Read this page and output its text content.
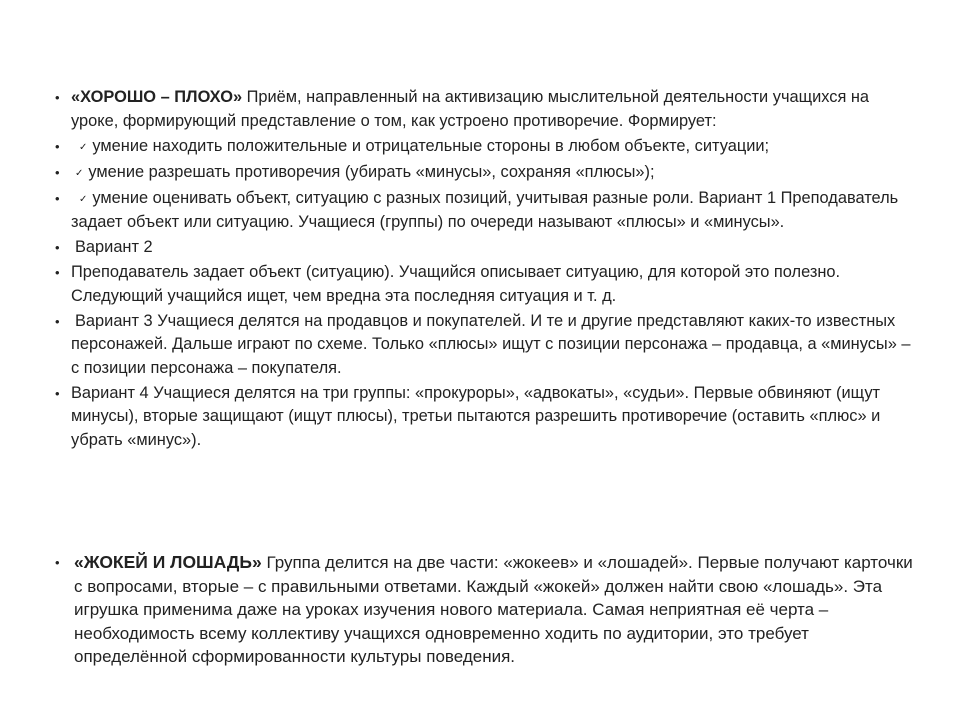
• «ХОРОШО – ПЛОХО» Приём, направленный на активизацию мыслительной деятельности учащихся на уроке, формирующий представление о том, как устроено противоречие. Формирует:
• ✓ умение находить положительные и отрицательные стороны в любом объекте, ситуации;
• ✓ умение разрешать противоречия (убирать «минусы», сохраняя «плюсы»);
• ✓ умение оценивать объект, ситуацию с разных позиций, учитывая разные роли. Вариант 1 Преподаватель задает объект или ситуацию. Учащиеся (группы) по очереди называют «плюсы» и «минусы».
• Вариант 2
• Преподаватель задает объект (ситуацию). Учащийся описывает ситуацию, для которой это полезно. Следующий учащийся ищет, чем вредна эта последняя ситуация и т. д.
• Вариант 3 Учащиеся делятся на продавцов и покупателей. И те и другие представляют каких-то известных персонажей. Дальше играют по схеме. Только «плюсы» ищут с позиции персонажа – продавца, а «минусы» – с позиции персонажа – покупателя.
• Вариант 4 Учащиеся делятся на три группы: «прокуроры», «адвокаты», «судьи». Первые обвиняют (ищут минусы), вторые защищают (ищут плюсы), третьи пытаются разрешить противоречие (оставить «плюс» и убрать «минус»).
• «ЖОКЕЙ И ЛОШАДЬ» Группа делится на две части: «жокеев» и «лошадей». Первые получают карточки с вопросами, вторые – с правильными ответами. Каждый «жокей» должен найти свою «лошадь». Эта игрушка применима даже на уроках изучения нового материала. Самая неприятная её черта – необходимость всему коллективу учащихся одновременно ходить по аудитории, это требует определённой сформированности культуры поведения.
